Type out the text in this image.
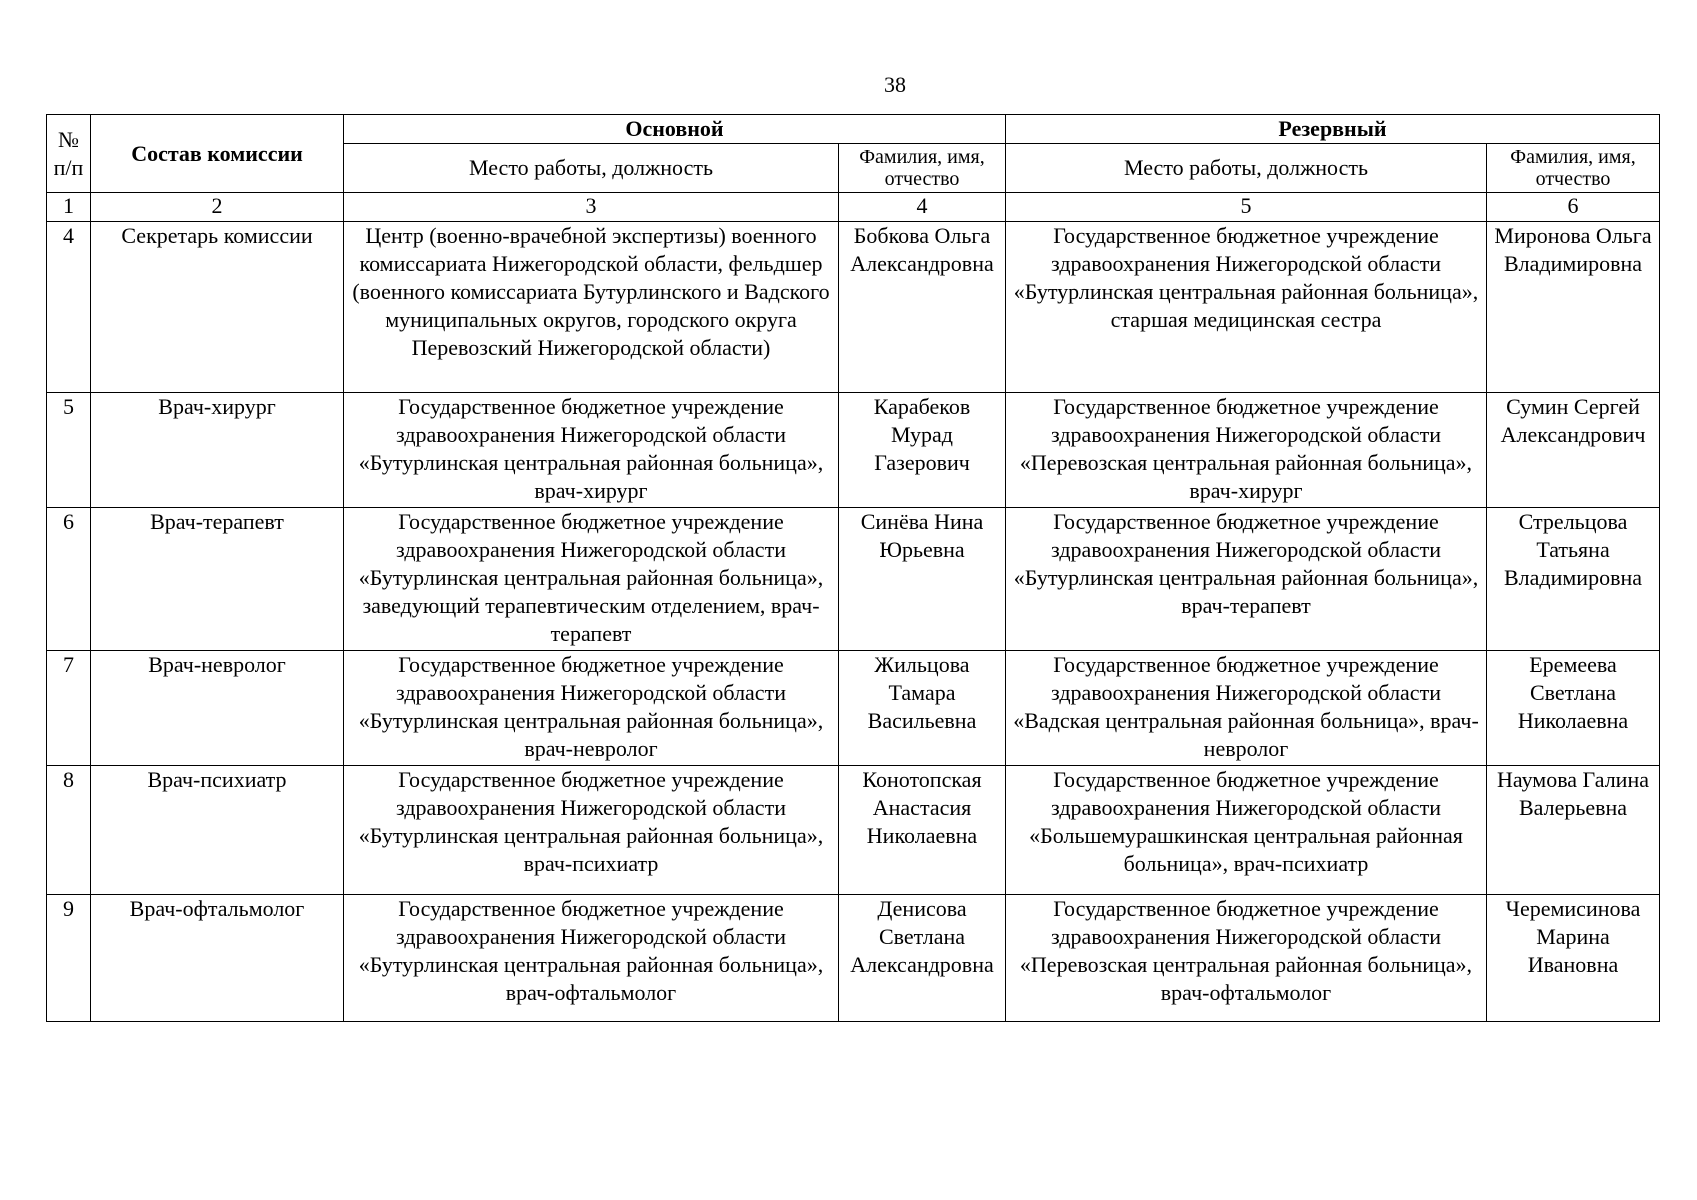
38
№ п/п	Состав комиссии	Основной		Резервный	
		Место работы, должность	Фамилия, имя, отчество	Место работы, должность	Фамилия, имя, отчество
1	2	3	4	5	6
4	Секретарь комиссии	Центр (военно-врачебной экспертизы) военного комиссариата Нижегородской области, фельдшер (военного комиссариата Бутурлинского и Вадского муниципальных округов, городского округа Перевозский Нижегородской области)	Бобкова Ольга Александровна	Государственное бюджетное учреждение здравоохранения Нижегородской области «Бутурлинская центральная районная больница», старшая медицинская сестра	Миронова Ольга Владимировна
5	Врач-хирург	Государственное бюджетное учреждение здравоохранения Нижегородской области «Бутурлинская центральная районная больница», врач-хирург	Карабеков Мурад Газерович	Государственное бюджетное учреждение здравоохранения Нижегородской области «Перевозская центральная районная больница», врач-хирург	Сумин Сергей Александрович
6	Врач-терапевт	Государственное бюджетное учреждение здравоохранения Нижегородской области «Бутурлинская центральная районная больница», заведующий терапевтическим отделением, врач-терапевт	Синёва Нина Юрьевна	Государственное бюджетное учреждение здравоохранения Нижегородской области «Бутурлинская центральная районная больница», врач-терапевт	Стрельцова Татьяна Владимировна
7	Врач-невролог	Государственное бюджетное учреждение здравоохранения Нижегородской области «Бутурлинская центральная районная больница», врач-невролог	Жильцова Тамара Васильевна	Государственное бюджетное учреждение здравоохранения Нижегородской области «Вадская центральная районная больница», врач-невролог	Еремеева Светлана Николаевна
8	Врач-психиатр	Государственное бюджетное учреждение здравоохранения Нижегородской области «Бутурлинская центральная районная больница», врач-психиатр	Конотопская Анастасия Николаевна	Государственное бюджетное учреждение здравоохранения Нижегородской области «Большемурашкинская центральная районная больница», врач-психиатр	Наумова Галина Валерьевна
9	Врач-офтальмолог	Государственное бюджетное учреждение здравоохранения Нижегородской области «Бутурлинская центральная районная больница», врач-офтальмолог	Денисова Светлана Александровна	Государственное бюджетное учреждение здравоохранения Нижегородской области «Перевозская центральная районная больница», врач-офтальмолог	Черемисинова Марина Ивановна
